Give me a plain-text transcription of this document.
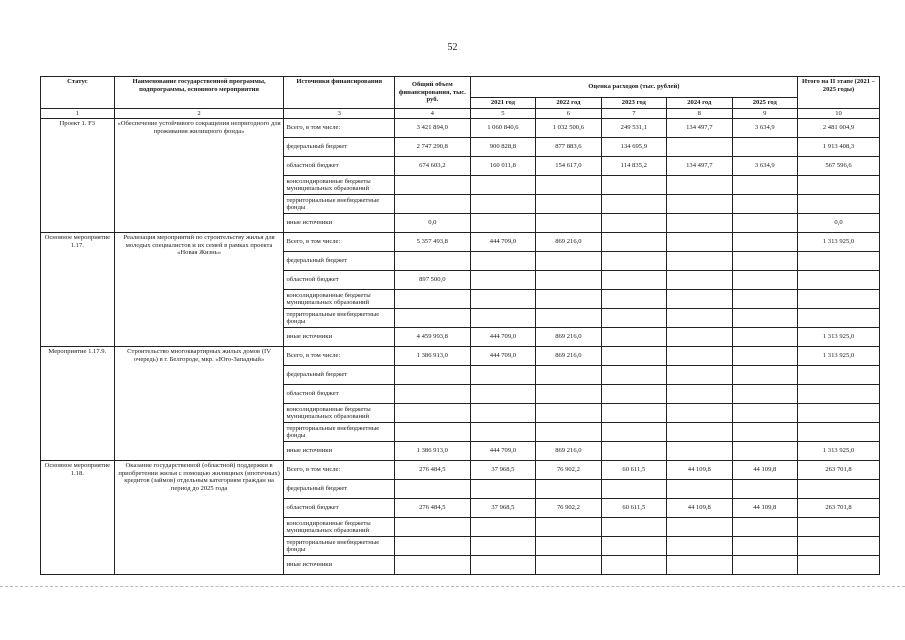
52
Статус	Наименование государственной программы, подпрограммы, основного мероприятия	Источники финансирования	Общий объем финансирования, тыс. руб.	Оценка расходов (тыс. рублей)					Итого на II этапе (2021 – 2025 годы)
				2021 год	2022 год	2023 год	2024 год	2025 год	
1	2	3	4	5	6	7	8	9	10
Проект 1. F3	«Обеспечение устойчивого сокращения непригодного для проживания жилищного фонда»	Всего, в том числе:	3 421 894,0	1 060 840,6	1 032 500,6	249 531,1	134 497,7	3 634,9	2 481 004,9
		федеральный бюджет	2 747 290,8	900 828,8	877 883,6	134 695,9			1 913 408,3
		областной бюджет	674 603,2	160 011,8	154 617,0	114 835,2	134 497,7	3 634,9	567 596,6
		консолидированные бюджеты муниципальных образований							
		территориальные внебюджетные фонды							
		иные источники	0,0						0,0
Основное мероприятие 1.17.	Реализация мероприятий по строительству жилья для молодых специалистов и их семей в рамках проекта «Новая Жизнь»	Всего, в том числе:	5 357 493,8	444 709,0	869 216,0				1 313 925,0
		федеральный бюджет							
		областной бюджет	897 500,0						
		консолидированные бюджеты муниципальных образований							
		территориальные внебюджетные фонды							
		иные источники	4 459 993,8	444 709,0	869 216,0				1 313 925,0
Мероприятие 1.17.9.	Строительство многоквартирных жилых домов (IV очередь) в г. Белгороде, мкр. «Юго-Западный»	Всего, в том числе:	1 386 913,0	444 709,0	869 216,0				1 313 925,0
		федеральный бюджет							
		областной бюджет							
		консолидированные бюджеты муниципальных образований							
		территориальные внебюджетные фонды							
		иные источники	1 386 913,0	444 709,0	869 216,0				1 313 925,0
Основное мероприятие 1.18.	Оказание государственной (областной) поддержки в приобретении жилья с помощью жилищных (ипотечных) кредитов (займов) отдельным категориям граждан на период до 2025 года	Всего, в том числе:	276 484,5	37 968,5	76 902,2	60 611,5	44 109,8	44 109,8	263 701,8
		федеральный бюджет							
		областной бюджет	276 484,5	37 968,5	76 902,2	60 611,5	44 109,8	44 109,8	263 701,8
		консолидированные бюджеты муниципальных образований							
		территориальные внебюджетные фонды							
		иные источники							
